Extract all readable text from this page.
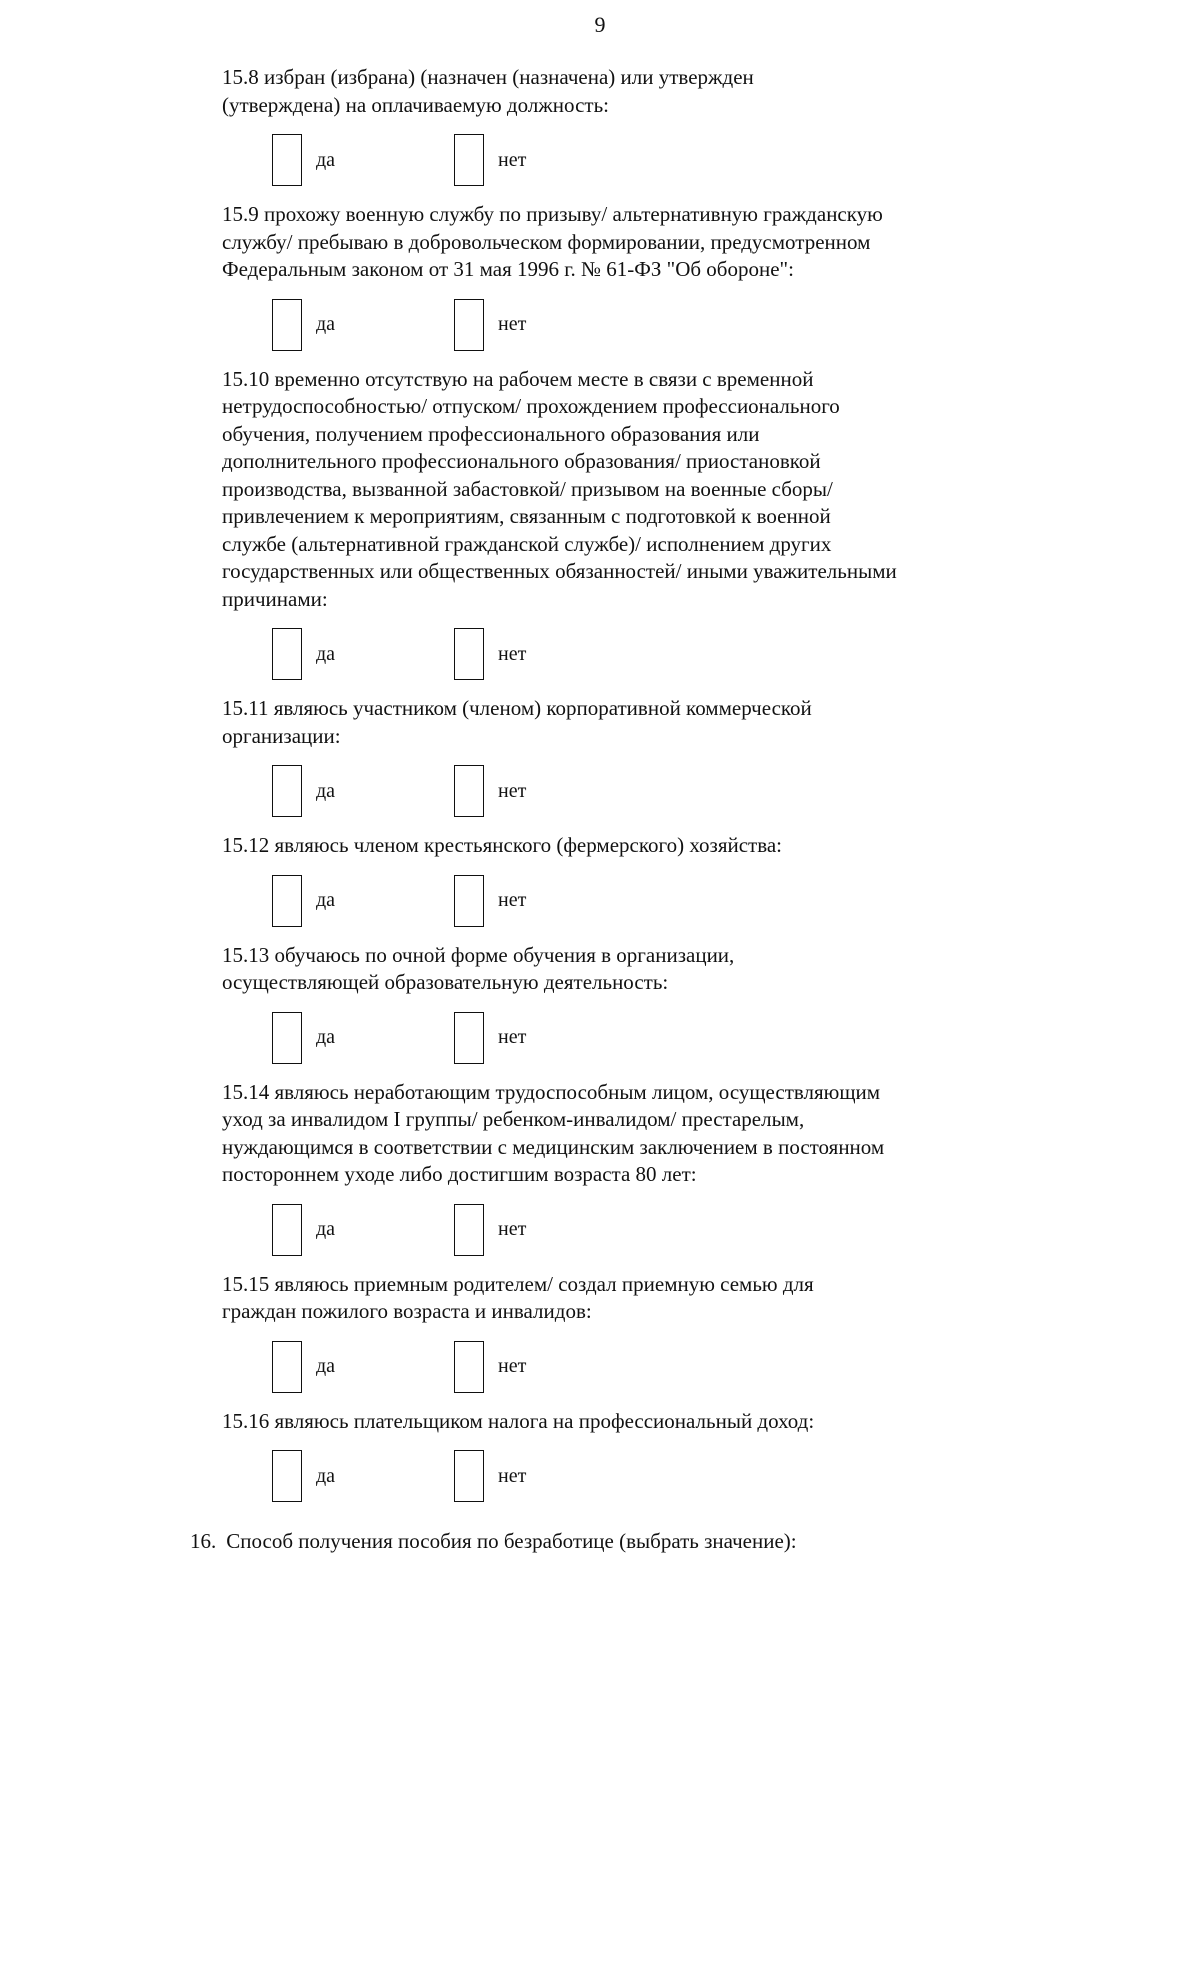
9

15.8 избран (избрана) (назначен (назначена) или утвержден
(утверждена) на оплачиваемую должность:

да	нет

15.9 прохожу военную службу по призыву/ альтернативную гражданскую
службу/ пребываю в добровольческом формировании, предусмотренном
Федеральным законом от 31 мая 1996 г. № 61-ФЗ "Об обороне":

да	нет

15.10 временно отсутствую на рабочем месте в связи с временной
нетрудоспособностью/ отпуском/ прохождением профессионального
обучения, получением профессионального образования или
дополнительного профессионального образования/ приостановкой
производства, вызванной забастовкой/ призывом на военные сборы/
привлечением к мероприятиям, связанным с подготовкой к военной
службе (альтернативной гражданской службе)/ исполнением других
государственных или общественных обязанностей/ иными уважительными
причинами:

да	нет

15.11 являюсь участником (членом) корпоративной коммерческой
организации:

да	нет

15.12 являюсь членом крестьянского (фермерского) хозяйства:

да	нет

15.13 обучаюсь по очной форме обучения в организации,
осуществляющей образовательную деятельность:

да	нет

15.14 являюсь неработающим трудоспособным лицом, осуществляющим
уход за инвалидом I группы/ ребенком-инвалидом/ престарелым,
нуждающимся в соответствии с медицинским заключением в постоянном
постороннем уходе либо достигшим возраста 80 лет:

да	нет

15.15 являюсь приемным родителем/ создал приемную семью для
граждан пожилого возраста и инвалидов:

да	нет

15.16 являюсь плательщиком налога на профессиональный доход:

да	нет
16. Способ получения пособия по безработице (выбрать значение):
